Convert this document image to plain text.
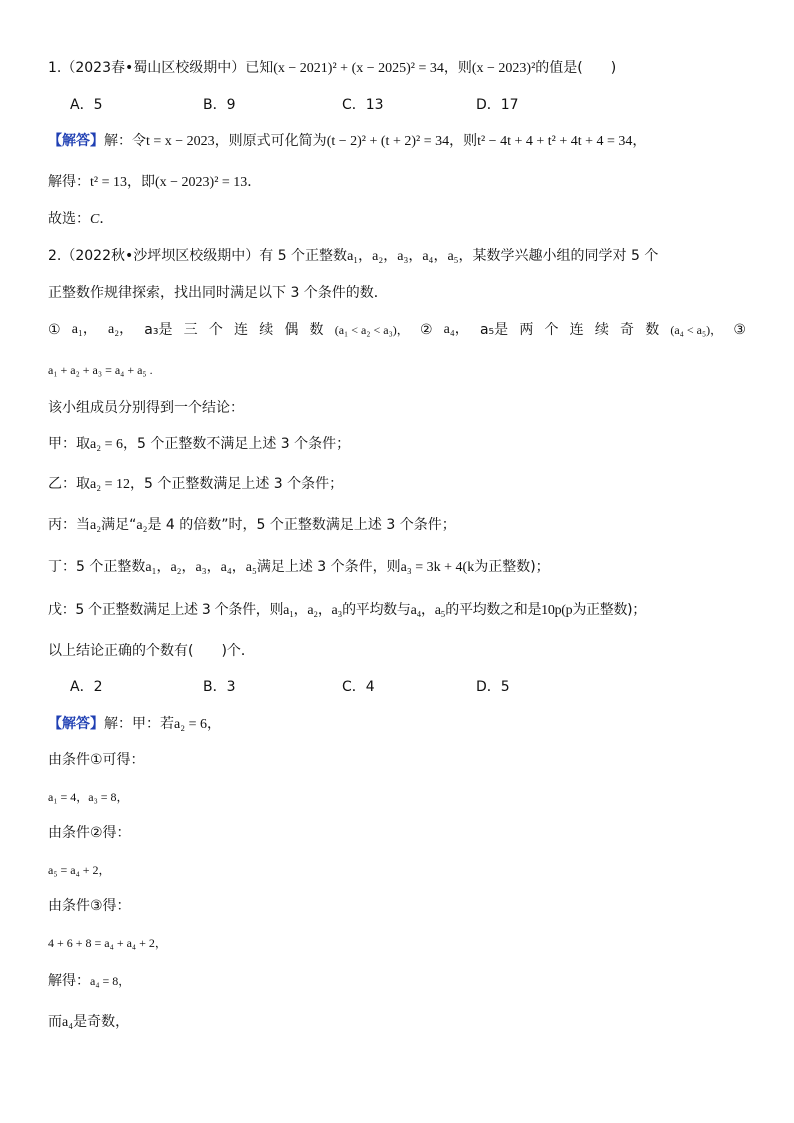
1.（2023春•蜀山区校级期中）已知(x − 2021)² + (x − 2025)² = 34，则(x − 2023)²的值是(　　)
A．5	B．9	C．13	D．17
【解答】解：令t = x − 2023，则原式可化简为(t − 2)² + (t + 2)² = 34，则t² − 4t + 4 + t² + 4t + 4 = 34，
解得：t² = 13，即(x − 2023)² = 13．
故选：C．
2.（2022秋•沙坪坝区校级期中）有 5 个正整数a₁，a₂，a₃，a₄，a₅，某数学兴趣小组的同学对 5 个
正整数作规律探索，找出同时满足以下 3 个条件的数．
① a₁， a₂， a₃是 三 个 连 续 偶 数 (a₁ < a₂ < a₃)， ② a₄， a₅是 两 个 连 续 奇 数 (a₄ < a₅)， ③
a₁ + a₂ + a₃ = a₄ + a₅ .
该小组成员分别得到一个结论：
甲：取a₂ = 6，5 个正整数不满足上述 3 个条件；
乙：取a₂ = 12，5 个正整数满足上述 3 个条件；
丙：当a₂满足“a₂是 4 的倍数”时，5 个正整数满足上述 3 个条件；
丁：5 个正整数a₁，a₂，a₃，a₄，a₅满足上述 3 个条件，则a₃ = 3k + 4(k为正整数)；
戊：5 个正整数满足上述 3 个条件，则a₁，a₂，a₃的平均数与a₄，a₅的平均数之和是10p(p为正整数)；
以上结论正确的个数有(　　)个．
A．2	B．3	C．4	D．5
【解答】解：甲：若a₂ = 6，
由条件①可得：
a₁ = 4，a₃ = 8，
由条件②得：
a₅ = a₄ + 2，
由条件③得：
4 + 6 + 8 = a₄ + a₄ + 2，
解得：a₄ = 8，
而a₄是奇数，
